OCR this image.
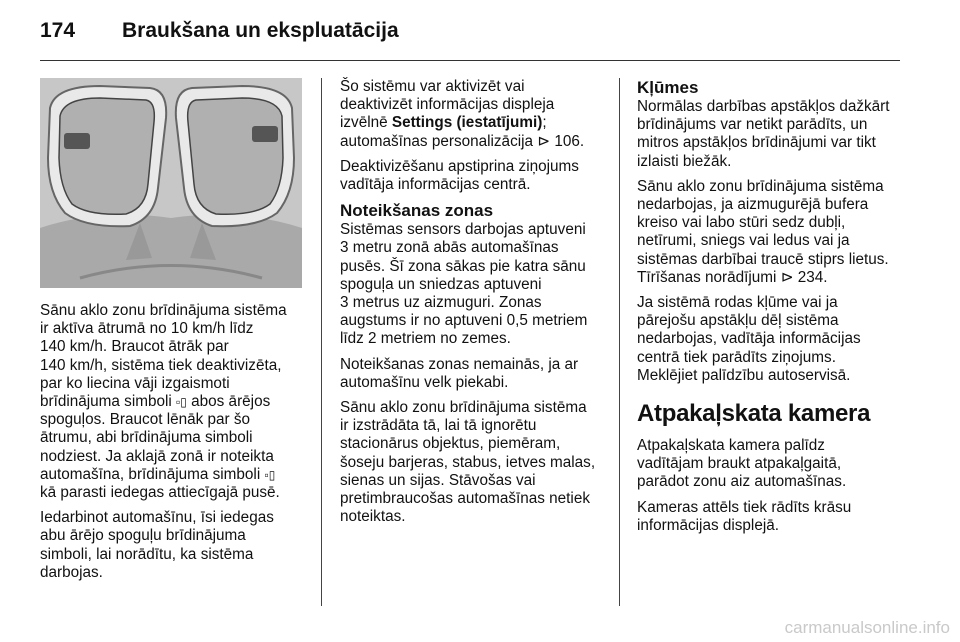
174	Braukšana un ekspluatācija

Sānu aklo zonu brīdinājuma sistēma
ir aktīva ātrumā no 10 km/h līdz
140 km/h. Braucot ātrāk par
140 km/h, sistēma tiek deaktivizēta,
par ko liecina vāji izgaismoti
brīdinājuma simboli ▫︎▯ abos ārējos
spoguļos. Braucot lēnāk par šo
ātrumu, abi brīdinājuma simboli
nodziest. Ja aklajā zonā ir noteikta
automašīna, brīdinājuma simboli ▫︎▯
kā parasti iedegas attiecīgajā pusē.

Iedarbinot automašīnu, īsi iedegas
abu ārējo spoguļu brīdinājuma
simboli, lai norādītu, ka sistēma
darbojas.

Šo sistēmu var aktivizēt vai
deaktivizēt informācijas displeja
izvēlnē Settings (iestatījumi);
automašīnas personalizācija ⊳ 106.

Deaktivizēšanu apstiprina ziņojums
vadītāja informācijas centrā.

Noteikšanas zonas

Sistēmas sensors darbojas aptuveni
3 metru zonā abās automašīnas
pusēs. Šī zona sākas pie katra sānu
spoguļa un sniedzas aptuveni
3 metrus uz aizmuguri. Zonas
augstums ir no aptuveni 0,5 metriem
līdz 2 metriem no zemes.

Noteikšanas zonas nemainās, ja ar
automašīnu velk piekabi.

Sānu aklo zonu brīdinājuma sistēma
ir izstrādāta tā, lai tā ignorētu
stacionārus objektus, piemēram,
šoseju barjeras, stabus, ietves malas,
sienas un sijas. Stāvošas vai
pretimbraucošas automašīnas netiek
noteiktas.

Kļūmes

Normālas darbības apstākļos dažkārt
brīdinājums var netikt parādīts, un
mitros apstākļos brīdinājumi var tikt
izlaisti biežāk.

Sānu aklo zonu brīdinājuma sistēma
nedarbojas, ja aizmugurējā bufera
kreiso vai labo stūri sedz dubļi,
netīrumi, sniegs vai ledus vai ja
sistēmas darbībai traucē stiprs lietus.
Tīrīšanas norādījumi ⊳ 234.

Ja sistēmā rodas kļūme vai ja
pārejošu apstākļu dēļ sistēma
nedarbojas, vadītāja informācijas
centrā tiek parādīts ziņojums.
Meklējiet palīdzību autoservisā.

Atpakaļskata kamera

Atpakaļskata kamera palīdz
vadītājam braukt atpakaļgaitā,
parādot zonu aiz automašīnas.

Kameras attēls tiek rādīts krāsu
informācijas displejā.

carmanualsonline.info
